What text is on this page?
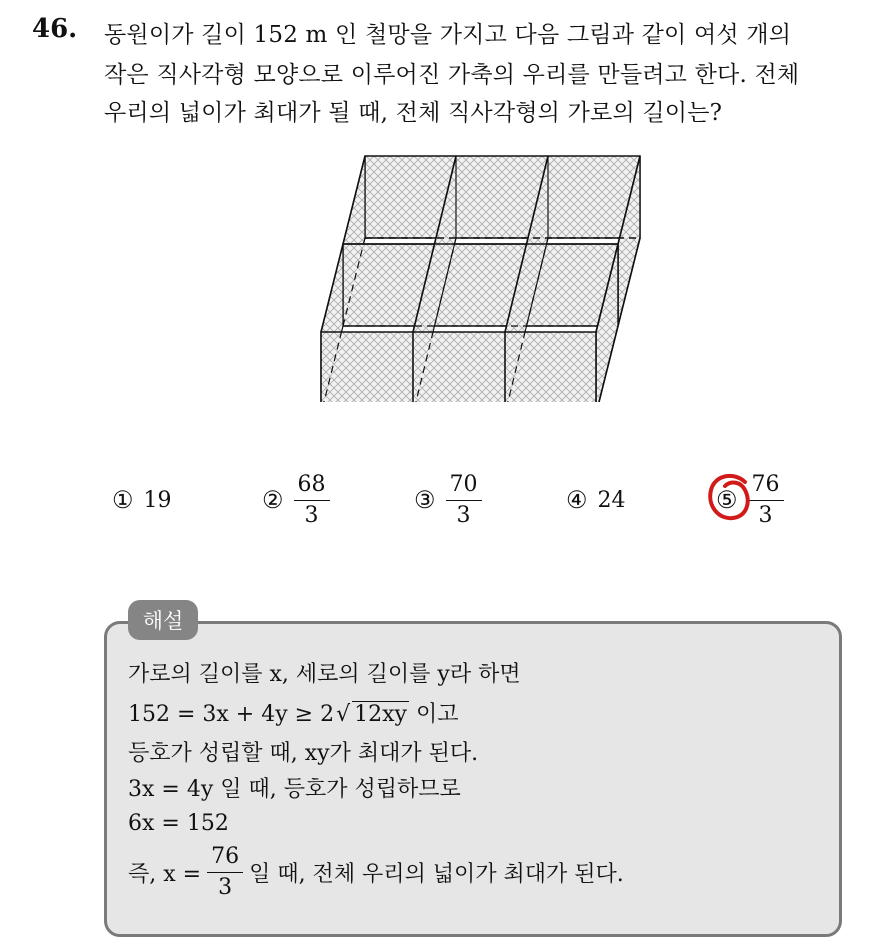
46. 동원이가 길이 152 m 인 철망을 가지고 다음 그림과 같이 여섯 개의
작은 직사각형 모양으로 이루어진 가축의 우리를 만들려고 한다. 전체
우리의 넓이가 최대가 될 때, 전체 직사각형의 가로의 길이는?
① 19	② $\frac{68}{3}$	③ $\frac{70}{3}$	④ 24	⑤ $\frac{76}{3}$
해설
가로의 길이를 x, 세로의 길이를 y라 하면
152 = 3x + 4y ≥ 2√ 12xy 이고
등호가 성립할 때, xy가 최대가 된다.
3x = 4y 일 때, 등호가 성립하므로
6x = 152
즉, $x = \frac{76}{3}$ 일 때, 전체 우리의 넓이가 최대가 된다.
